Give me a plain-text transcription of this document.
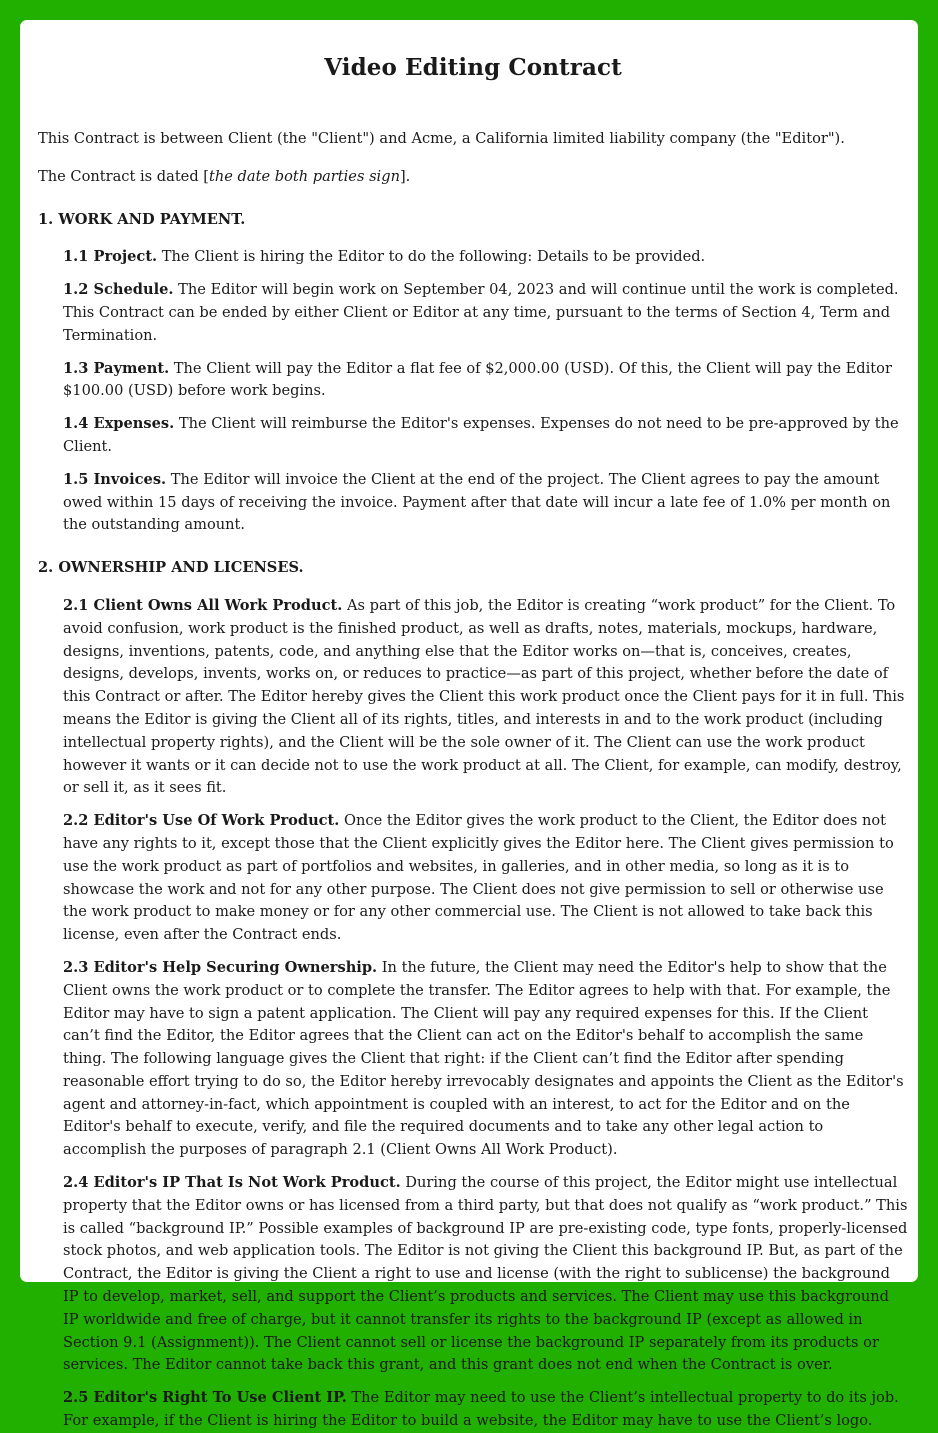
Video Editing Contract

This Contract is between Client (the "Client") and Acme, a California limited liability company (the "Editor").

The Contract is dated [the date both parties sign].

1. WORK AND PAYMENT.

1.1 Project. The Client is hiring the Editor to do the following: Details to be provided.

1.2 Schedule. The Editor will begin work on September 04, 2023 and will continue until the work is completed. This Contract can be ended by either Client or Editor at any time, pursuant to the terms of Section 4, Term and Termination.

1.3 Payment. The Client will pay the Editor a flat fee of $2,000.00 (USD). Of this, the Client will pay the Editor $100.00 (USD) before work begins.

1.4 Expenses. The Client will reimburse the Editor's expenses. Expenses do not need to be pre-approved by the Client.

1.5 Invoices. The Editor will invoice the Client at the end of the project. The Client agrees to pay the amount owed within 15 days of receiving the invoice. Payment after that date will incur a late fee of 1.0% per month on the outstanding amount.

2. OWNERSHIP AND LICENSES.

2.1 Client Owns All Work Product. As part of this job, the Editor is creating “work product” for the Client. To avoid confusion, work product is the finished product, as well as drafts, notes, materials, mockups, hardware, designs, inventions, patents, code, and anything else that the Editor works on—that is, conceives, creates, designs, develops, invents, works on, or reduces to practice—as part of this project, whether before the date of this Contract or after. The Editor hereby gives the Client this work product once the Client pays for it in full. This means the Editor is giving the Client all of its rights, titles, and interests in and to the work product (including intellectual property rights), and the Client will be the sole owner of it. The Client can use the work product however it wants or it can decide not to use the work product at all. The Client, for example, can modify, destroy, or sell it, as it sees fit.

2.2 Editor's Use Of Work Product. Once the Editor gives the work product to the Client, the Editor does not have any rights to it, except those that the Client explicitly gives the Editor here. The Client gives permission to use the work product as part of portfolios and websites, in galleries, and in other media, so long as it is to showcase the work and not for any other purpose. The Client does not give permission to sell or otherwise use the work product to make money or for any other commercial use. The Client is not allowed to take back this license, even after the Contract ends.

2.3 Editor's Help Securing Ownership. In the future, the Client may need the Editor's help to show that the Client owns the work product or to complete the transfer. The Editor agrees to help with that. For example, the Editor may have to sign a patent application. The Client will pay any required expenses for this. If the Client can’t find the Editor, the Editor agrees that the Client can act on the Editor's behalf to accomplish the same thing. The following language gives the Client that right: if the Client can’t find the Editor after spending reasonable effort trying to do so, the Editor hereby irrevocably designates and appoints the Client as the Editor's agent and attorney-in-fact, which appointment is coupled with an interest, to act for the Editor and on the Editor's behalf to execute, verify, and file the required documents and to take any other legal action to accomplish the purposes of paragraph 2.1 (Client Owns All Work Product).

2.4 Editor's IP That Is Not Work Product. During the course of this project, the Editor might use intellectual property that the Editor owns or has licensed from a third party, but that does not qualify as “work product.” This is called “background IP.” Possible examples of background IP are pre-existing code, type fonts, properly-licensed stock photos, and web application tools. The Editor is not giving the Client this background IP. But, as part of the Contract, the Editor is giving the Client a right to use and license (with the right to sublicense) the background IP to develop, market, sell, and support the Client’s products and services. The Client may use this background IP worldwide and free of charge, but it cannot transfer its rights to the background IP (except as allowed in Section 9.1 (Assignment)). The Client cannot sell or license the background IP separately from its products or services. The Editor cannot take back this grant, and this grant does not end when the Contract is over.

2.5 Editor's Right To Use Client IP. The Editor may need to use the Client’s intellectual property to do its job. For example, if the Client is hiring the Editor to build a website, the Editor may have to use the Client’s logo.
